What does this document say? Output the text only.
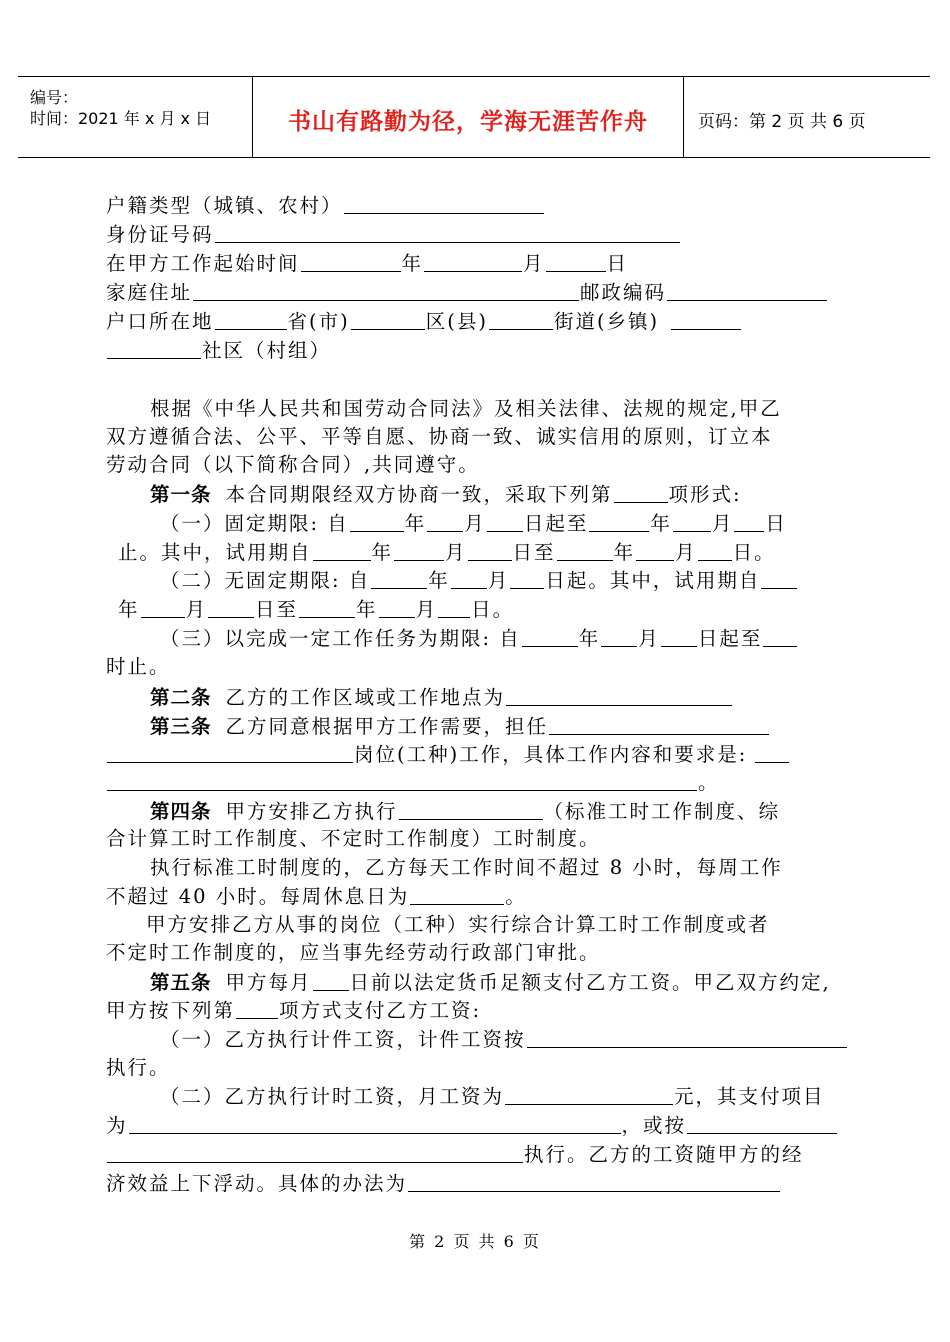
编号：
时间：2021 年 x 月 x 日	书山有路勤为径，学海无涯苦作舟	页码：第 2 页 共 6 页
户籍类型（城镇、农村）
身份证号码
在甲方工作起始时间	年	月	日
家庭住址	邮政编码
户口所在地	省(市)	区(县)	街道(乡镇)
社区（村组）
根据《中华人民共和国劳动合同法》及相关法律、法规的规定,甲乙
双方遵循合法、公平、平等自愿、协商一致、诚实信用的原则，订立本
劳动合同（以下简称合同）,共同遵守。
第一条 本合同期限经双方协商一致，采取下列第	项形式:
（一）固定期限: 自	年 月 日起至	年 月 日
止。其中，试用期自	年	月 日至	年 月 日。
（二）无固定期限: 自	年 月 日起。其中，试用期自
年 月 日至	年 月 日。
（三）以完成一定工作任务为期限: 自	年 月 日起至
时止。
第二条 乙方的工作区域或工作地点为
第三条 乙方同意根据甲方工作需要，担任
岗位(工种)工作，具体工作内容和要求是:
。
第四条 甲方安排乙方执行	（标准工时工作制度、综
合计算工时工作制度、不定时工作制度）工时制度。
执行标准工时制度的，乙方每天工作时间不超过 8 小时，每周工作
不超过 40 小时。每周休息日为	。
甲方安排乙方从事的岗位（工种）实行综合计算工时工作制度或者
不定时工作制度的，应当事先经劳动行政部门审批。
第五条 甲方每月 日前以法定货币足额支付乙方工资。甲乙双方约定,
甲方按下列第 项方式支付乙方工资:
（一）乙方执行计件工资，计件工资按
执行。
（二）乙方执行计时工资，月工资为	元，其支付项目
为	，或按
执行。乙方的工资随甲方的经
济效益上下浮动。具体的办法为
第 2 页 共 6 页
